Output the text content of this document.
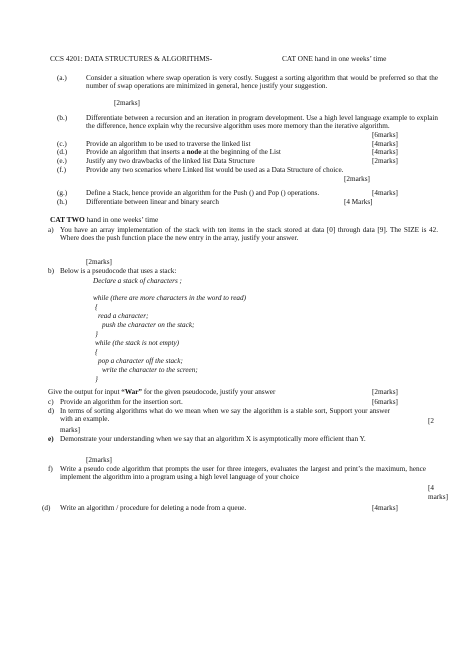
CCS 4201: DATA STRUCTURES & ALGORITHMS-	CAT ONE hand in one weeks’ time
(a.)	Consider a situation where swap operation is very costly. Suggest a sorting algorithm that would be preferred so that the number of swap operations are minimized in general, hence justify your suggestion.
[2marks]
(b.)	Differentiate between a recursion and an iteration in program development. Use a high level language example to explain the difference, hence explain why the recursive algorithm uses more memory than the iterative algorithm.
[6marks]
(c.)	Provide an algorithm to be used to traverse the linked list	[4marks]
(d.)	Provide an algorithm that inserts a node at the beginning of the List	[4marks]
(e.)	Justify any two drawbacks of the linked list Data Structure	[2marks]
(f.)	Provide any two scenarios where Linked list would be used as a Data Structure of choice.
[2marks]
(g.)	Define a Stack, hence provide an algorithm for the Push () and Pop () operations.	[4marks]
(h.)	Differentiate between linear and binary search	[4 Marks]
CAT TWO hand in one weeks’ time
a) You have an array implementation of the stack with ten items in the stack stored at data [0] through data [9]. The SIZE is 42. Where does the push function place the new entry in the array, justify your answer.
[2marks]
b) Below is a pseudocode that uses a stack:
Declare a stack of characters ;
while (there are more characters in the word to read)
{
read a character;
push the character on the stack;
}
while (the stack is not empty)
{
pop a character off the stack;
write the character to the screen;
}
Give the output for input “War” for the given pseudocode, justify your answer	[2marks]
c) Provide an algorithm for the insertion sort.	[6marks]
d) In terms of sorting algorithms what do we mean when we say the algorithm is a stable sort, Support your answer with an example.	[2
marks]
e) Demonstrate your understanding when we say that an algorithm X is asymptotically more efficient than Y.
[2marks]
f) Write a pseudo code algorithm that prompts the user for three integers, evaluates the largest and print’s the maximum, hence implement the algorithm into a program using a high level language of your choice
[4
marks]
(d) Write an algorithm / procedure for deleting a node from a queue.	[4marks]
